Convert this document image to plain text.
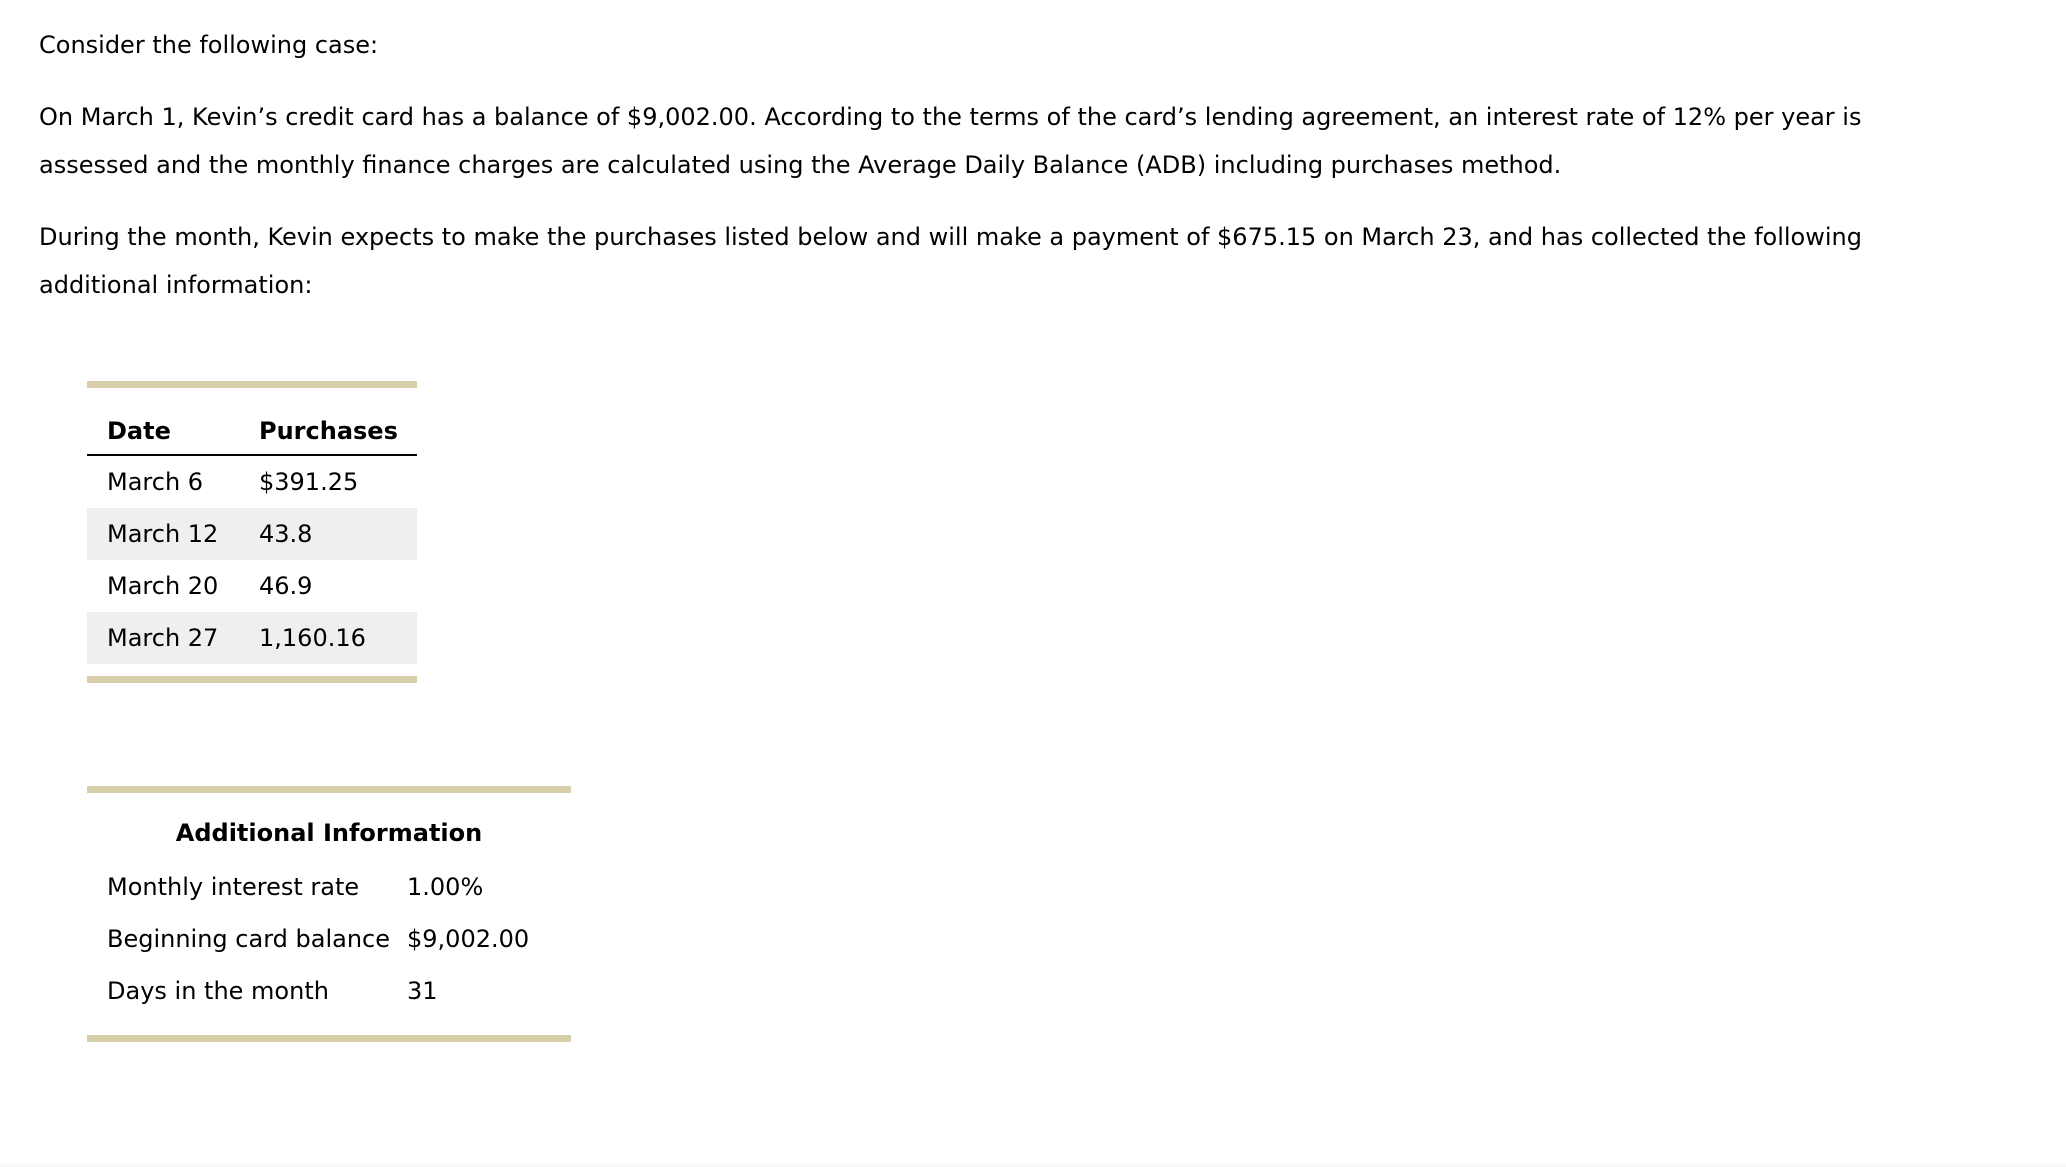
Consider the following case:

On March 1, Kevin’s credit card has a balance of $9,002.00. According to the terms of the card’s lending agreement, an interest rate of 12% per year is assessed and the monthly finance charges are calculated using the Average Daily Balance (ADB) including purchases method.

During the month, Kevin expects to make the purchases listed below and will make a payment of $675.15 on March 23, and has collected the following additional information:

Date	Purchases
March 6	$391.25
March 12	43.8
March 20	46.9
March 27	1,160.16
Additional Information
Monthly interest rate	1.00%
Beginning card balance	$9,002.00
Days in the month	31
